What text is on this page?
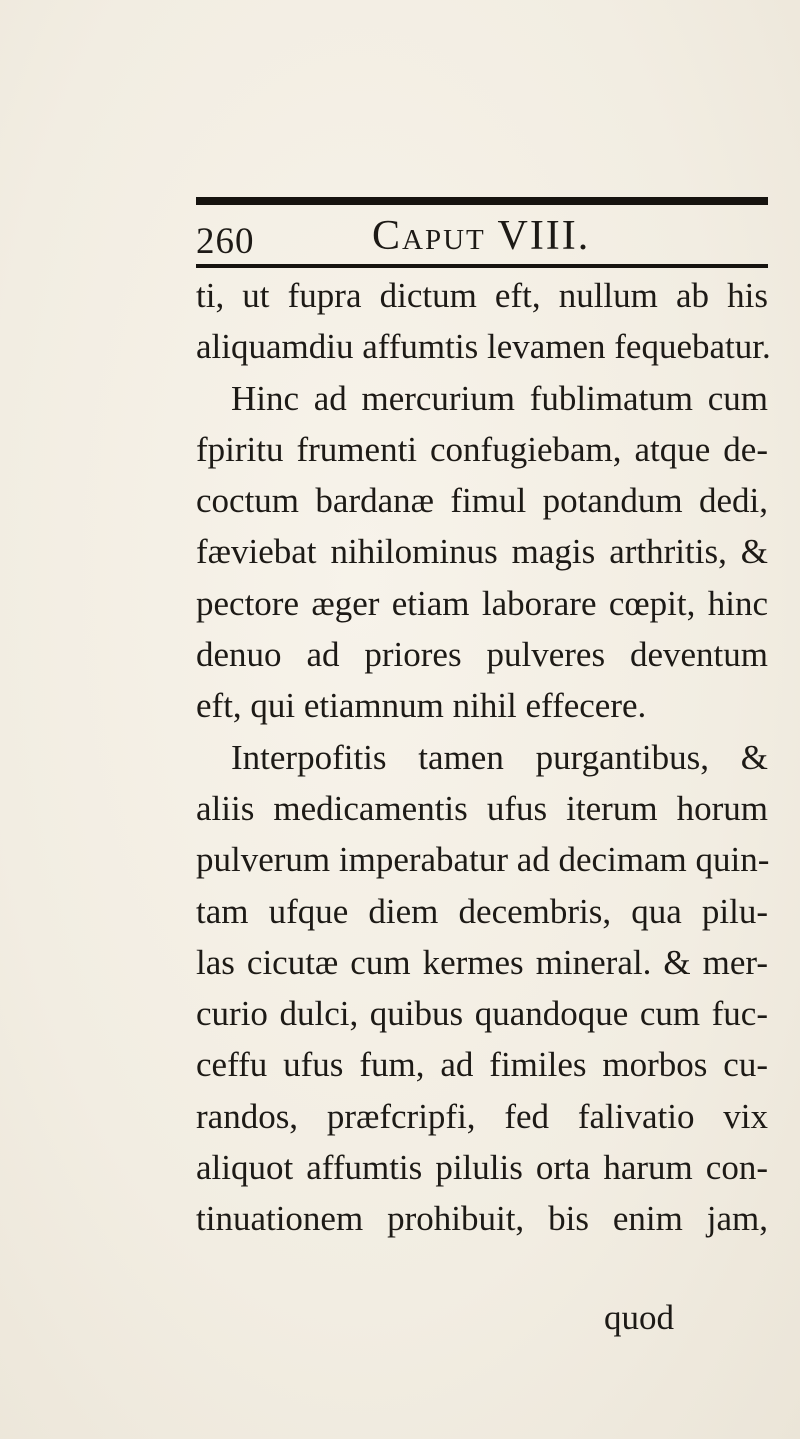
260	Caput VIII.
ti, ut fupra dictum eft, nullum ab his
aliquamdiu affumtis levamen fequebatur.
Hinc ad mercurium fublimatum cum
fpiritu frumenti confugiebam, atque de-
coctum bardanæ fimul potandum dedi,
fæviebat nihilominus magis arthritis, &
pectore æger etiam laborare cœpit, hinc
denuo ad priores pulveres deventum
eft, qui etiamnum nihil effecere.
Interpofitis tamen purgantibus, &
aliis medicamentis ufus iterum horum
pulverum imperabatur ad decimam quin-
tam ufque diem decembris, qua pilu-
las cicutæ cum kermes mineral. & mer-
curio dulci, quibus quandoque cum fuc-
ceffu ufus fum, ad fimiles morbos cu-
randos, præfcripfi, fed falivatio vix
aliquot affumtis pilulis orta harum con-
tinuationem prohibuit, bis enim jam,
quod
